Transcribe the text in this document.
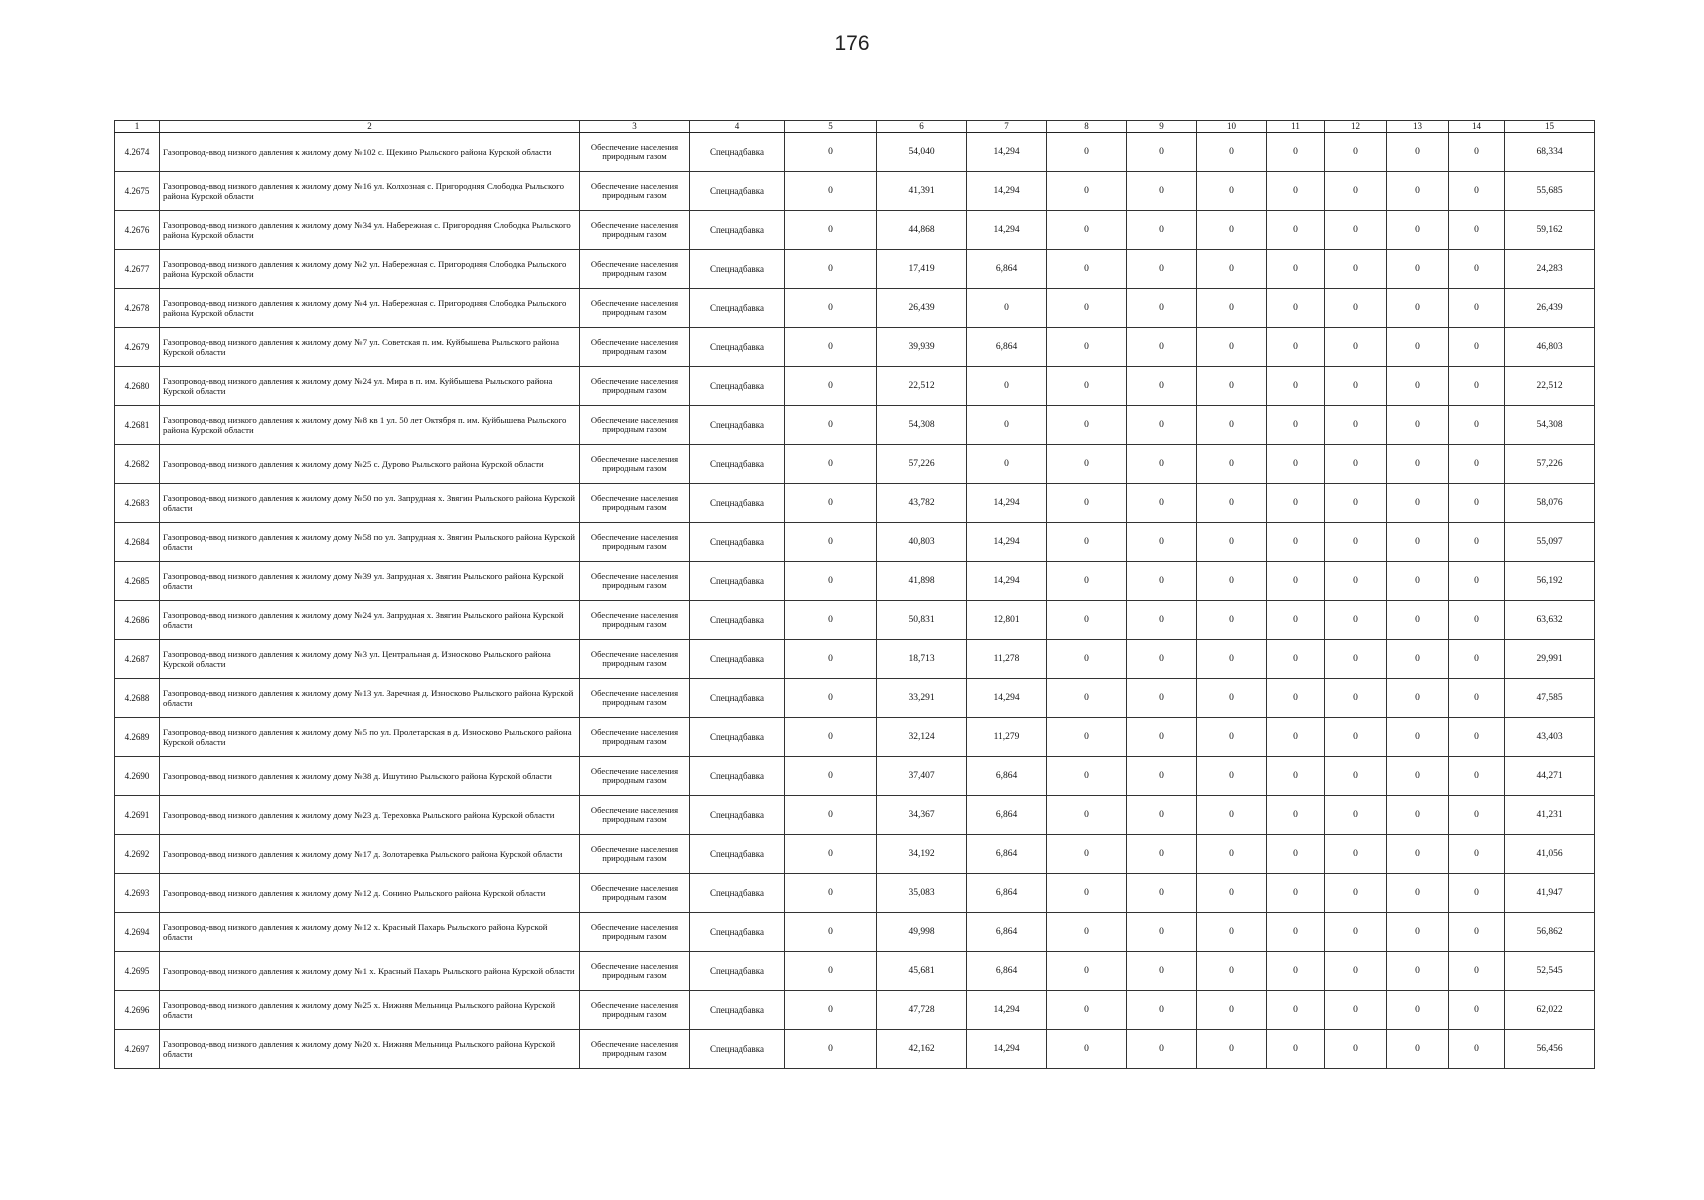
176
1	2	3	4	5	6	7	8	9	10	11	12	13	14	15
4.2674	Газопровод-ввод низкого давления к жилому дому №102 с. Щекино Рыльского района Курской области	Обеспечение населения природным газом	Спецнадбавка	0	54,040	14,294	0	0	0	0	0	0	0	68,334
4.2675	Газопровод-ввод низкого давления к жилому дому №16 ул. Колхозная с. Пригородняя Слободка Рыльского района Курской области	Обеспечение населения природным газом	Спецнадбавка	0	41,391	14,294	0	0	0	0	0	0	0	55,685
4.2676	Газопровод-ввод низкого давления к жилому дому №34 ул. Набережная с. Пригородняя Слободка Рыльского района Курской области	Обеспечение населения природным газом	Спецнадбавка	0	44,868	14,294	0	0	0	0	0	0	0	59,162
4.2677	Газопровод-ввод низкого давления к жилому дому №2 ул. Набережная с. Пригородняя Слободка Рыльского района Курской области	Обеспечение населения природным газом	Спецнадбавка	0	17,419	6,864	0	0	0	0	0	0	0	24,283
4.2678	Газопровод-ввод низкого давления к жилому дому №4 ул. Набережная с. Пригородняя Слободка Рыльского района Курской области	Обеспечение населения природным газом	Спецнадбавка	0	26,439	0	0	0	0	0	0	0	0	26,439
4.2679	Газопровод-ввод низкого давления к жилому дому №7 ул. Советская п. им. Куйбышева Рыльского района Курской области	Обеспечение населения природным газом	Спецнадбавка	0	39,939	6,864	0	0	0	0	0	0	0	46,803
4.2680	Газопровод-ввод низкого давления к жилому дому №24 ул. Мира в п. им. Куйбышева Рыльского района Курской области	Обеспечение населения природным газом	Спецнадбавка	0	22,512	0	0	0	0	0	0	0	0	22,512
4.2681	Газопровод-ввод низкого давления к жилому дому №8 кв 1 ул. 50 лет Октября п. им. Куйбышева Рыльского района Курской области	Обеспечение населения природным газом	Спецнадбавка	0	54,308	0	0	0	0	0	0	0	0	54,308
4.2682	Газопровод-ввод низкого давления к жилому дому №25 с. Дурово Рыльского района Курской области	Обеспечение населения природным газом	Спецнадбавка	0	57,226	0	0	0	0	0	0	0	0	57,226
4.2683	Газопровод-ввод низкого давления к жилому дому №50 по ул. Запрудная х. Звягин Рыльского района Курской области	Обеспечение населения природным газом	Спецнадбавка	0	43,782	14,294	0	0	0	0	0	0	0	58,076
4.2684	Газопровод-ввод низкого давления к жилому дому №58 по ул. Запрудная х. Звягин Рыльского района Курской области	Обеспечение населения природным газом	Спецнадбавка	0	40,803	14,294	0	0	0	0	0	0	0	55,097
4.2685	Газопровод-ввод низкого давления к жилому дому №39 ул. Запрудная х. Звягин Рыльского района Курской области	Обеспечение населения природным газом	Спецнадбавка	0	41,898	14,294	0	0	0	0	0	0	0	56,192
4.2686	Газопровод-ввод низкого давления к жилому дому №24 ул. Запрудная х. Звягин Рыльского района Курской области	Обеспечение населения природным газом	Спецнадбавка	0	50,831	12,801	0	0	0	0	0	0	0	63,632
4.2687	Газопровод-ввод низкого давления к жилому дому №3 ул. Центральная д. Износково Рыльского района Курской области	Обеспечение населения природным газом	Спецнадбавка	0	18,713	11,278	0	0	0	0	0	0	0	29,991
4.2688	Газопровод-ввод низкого давления к жилому дому №13 ул. Заречная д. Износково Рыльского района Курской области	Обеспечение населения природным газом	Спецнадбавка	0	33,291	14,294	0	0	0	0	0	0	0	47,585
4.2689	Газопровод-ввод низкого давления к жилому дому №5 по ул. Пролетарская в д. Износково Рыльского района Курской области	Обеспечение населения природным газом	Спецнадбавка	0	32,124	11,279	0	0	0	0	0	0	0	43,403
4.2690	Газопровод-ввод низкого давления к жилому дому №38 д. Ишутино Рыльского района Курской области	Обеспечение населения природным газом	Спецнадбавка	0	37,407	6,864	0	0	0	0	0	0	0	44,271
4.2691	Газопровод-ввод низкого давления к жилому дому №23 д. Тереховка Рыльского района Курской области	Обеспечение населения природным газом	Спецнадбавка	0	34,367	6,864	0	0	0	0	0	0	0	41,231
4.2692	Газопровод-ввод низкого давления к жилому дому №17 д. Золотаревка Рыльского района Курской области	Обеспечение населения природным газом	Спецнадбавка	0	34,192	6,864	0	0	0	0	0	0	0	41,056
4.2693	Газопровод-ввод низкого давления к жилому дому №12 д. Сонино Рыльского района Курской области	Обеспечение населения природным газом	Спецнадбавка	0	35,083	6,864	0	0	0	0	0	0	0	41,947
4.2694	Газопровод-ввод низкого давления к жилому дому №12 х. Красный Пахарь Рыльского района Курской области	Обеспечение населения природным газом	Спецнадбавка	0	49,998	6,864	0	0	0	0	0	0	0	56,862
4.2695	Газопровод-ввод низкого давления к жилому дому №1 х. Красный Пахарь Рыльского района Курской области	Обеспечение населения природным газом	Спецнадбавка	0	45,681	6,864	0	0	0	0	0	0	0	52,545
4.2696	Газопровод-ввод низкого давления к жилому дому №25 х. Нижняя Мельница Рыльского района Курской области	Обеспечение населения природным газом	Спецнадбавка	0	47,728	14,294	0	0	0	0	0	0	0	62,022
4.2697	Газопровод-ввод низкого давления к жилому дому №20 х. Нижняя Мельница Рыльского района Курской области	Обеспечение населения природным газом	Спецнадбавка	0	42,162	14,294	0	0	0	0	0	0	0	56,456
